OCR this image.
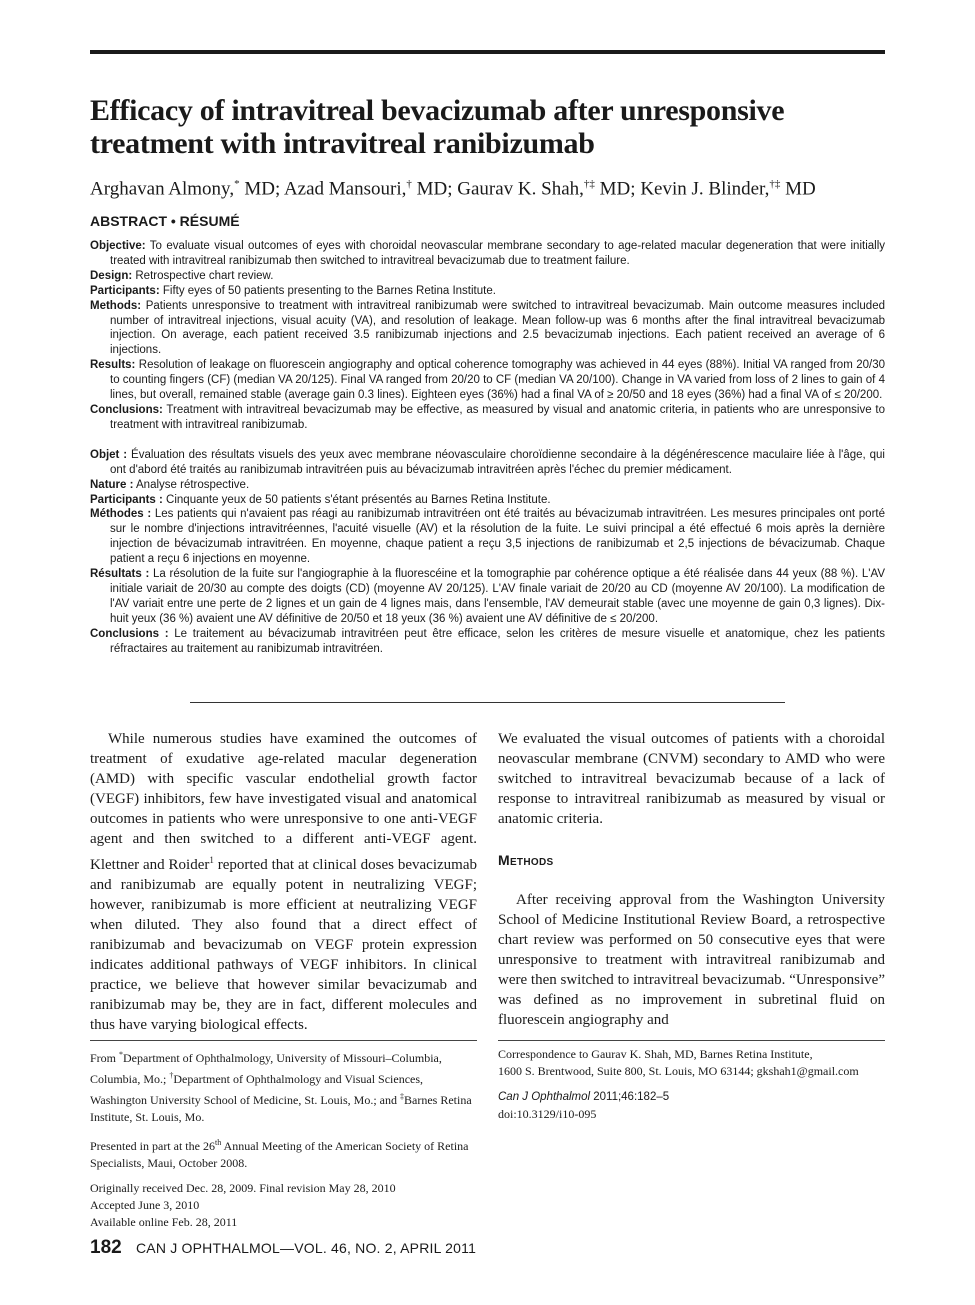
Efficacy of intravitreal bevacizumab after unresponsive treatment with intravitreal ranibizumab
Arghavan Almony,* MD; Azad Mansouri,† MD; Gaurav K. Shah,†‡ MD; Kevin J. Blinder,†‡ MD
ABSTRACT • RÉSUMÉ

Objective: To evaluate visual outcomes of eyes with choroidal neovascular membrane secondary to age-related macular degeneration that were initially treated with intravitreal ranibizumab then switched to intravitreal bevacizumab due to treatment failure.

Design: Retrospective chart review.

Participants: Fifty eyes of 50 patients presenting to the Barnes Retina Institute.

Methods: Patients unresponsive to treatment with intravitreal ranibizumab were switched to intravitreal bevacizumab. Main outcome measures included number of intravitreal injections, visual acuity (VA), and resolution of leakage. Mean follow-up was 6 months after the final intravitreal bevacizumab injection. On average, each patient received 3.5 ranibizumab injections and 2.5 bevacizumab injections. Each patient received an average of 6 injections.

Results: Resolution of leakage on fluorescein angiography and optical coherence tomography was achieved in 44 eyes (88%). Initial VA ranged from 20/30 to counting fingers (CF) (median VA 20/125). Final VA ranged from 20/20 to CF (median VA 20/100). Change in VA varied from loss of 2 lines to gain of 4 lines, but overall, remained stable (average gain 0.3 lines). Eighteen eyes (36%) had a final VA of ≥ 20/50 and 18 eyes (36%) had a final VA of ≤ 20/200.

Conclusions: Treatment with intravitreal bevacizumab may be effective, as measured by visual and anatomic criteria, in patients who are unresponsive to treatment with intravitreal ranibizumab.

Objet : Évaluation des résultats visuels des yeux avec membrane néovasculaire choroïdienne secondaire à la dégénérescence maculaire liée à l'âge, qui ont d'abord été traités au ranibizumab intravitréen puis au bévacizumab intravitréen après l'échec du premier médicament.

Nature : Analyse rétrospective.

Participants : Cinquante yeux de 50 patients s'étant présentés au Barnes Retina Institute.

Méthodes : Les patients qui n'avaient pas réagi au ranibizumab intravitréen ont été traités au bévacizumab intravitréen. Les mesures principales ont porté sur le nombre d'injections intravitréennes, l'acuité visuelle (AV) et la résolution de la fuite. Le suivi principal a été effectué 6 mois après la dernière injection de bévacizumab intravitréen. En moyenne, chaque patient a reçu 3,5 injections de ranibizumab et 2,5 injections de bévacizumab. Chaque patient a reçu 6 injections en moyenne.

Résultats : La résolution de la fuite sur l'angiographie à la fluorescéine et la tomographie par cohérence optique a été réalisée dans 44 yeux (88 %). L'AV initiale variait de 20/30 au compte des doigts (CD) (moyenne AV 20/125). L'AV finale variait de 20/20 au CD (moyenne AV 20/100). La modification de l'AV variait entre une perte de 2 lignes et un gain de 4 lignes mais, dans l'ensemble, l'AV demeurait stable (avec une moyenne de gain 0,3 lignes). Dix-huit yeux (36 %) avaient une AV définitive de 20/50 et 18 yeux (36 %) avaient une AV définitive de ≤ 20/200.

Conclusions : Le traitement au bévacizumab intravitréen peut être efficace, selon les critères de mesure visuelle et anatomique, chez les patients réfractaires au traitement au ranibizumab intravitréen.

While numerous studies have examined the outcomes of treatment of exudative age-related macular degeneration (AMD) with specific vascular endothelial growth factor (VEGF) inhibitors, few have investigated visual and anatomical outcomes in patients who were unresponsive to one anti-VEGF agent and then switched to a different anti-VEGF agent. Klettner and Roider$^1$ reported that at clinical doses bevacizumab and ranibizumab are equally potent in neutralizing VEGF; however, ranibizumab is more efficient at neutralizing VEGF when diluted. They also found that a direct effect of ranibizumab and bevacizumab on VEGF protein expression indicates additional pathways of VEGF inhibitors. In clinical practice, we believe that however similar bevacizumab and ranibizumab may be, they are in fact, different molecules and thus have varying biological effects.

We evaluated the visual outcomes of patients with a choroidal neovascular membrane (CNVM) secondary to AMD who were switched to intravitreal bevacizumab because of a lack of response to intravitreal ranibizumab as measured by visual or anatomic criteria.

Methods

After receiving approval from the Washington University School of Medicine Institutional Review Board, a retrospective chart review was performed on 50 consecutive eyes that were unresponsive to treatment with intravitreal ranibizumab and were then switched to intravitreal bevacizumab. “Unresponsive” was defined as no improvement in subretinal fluid on fluorescein angiography and

From *Department of Ophthalmology, University of Missouri–Columbia, Columbia, Mo.; †Department of Ophthalmology and Visual Sciences, Washington University School of Medicine, St. Louis, Mo.; and ‡Barnes Retina Institute, St. Louis, Mo.

Presented in part at the 26th Annual Meeting of the American Society of Retina Specialists, Maui, October 2008.

Originally received Dec. 28, 2009. Final revision May 28, 2010
Accepted June 3, 2010
Available online Feb. 28, 2011

Correspondence to Gaurav K. Shah, MD, Barnes Retina Institute,
1600 S. Brentwood, Suite 800, St. Louis, MO 63144; gkshah1@gmail.com

Can J Ophthalmol 2011;46:182–5
doi:10.3129/i10-095

182 CAN J OPHTHALMOL—VOL. 46, NO. 2, APRIL 2011
